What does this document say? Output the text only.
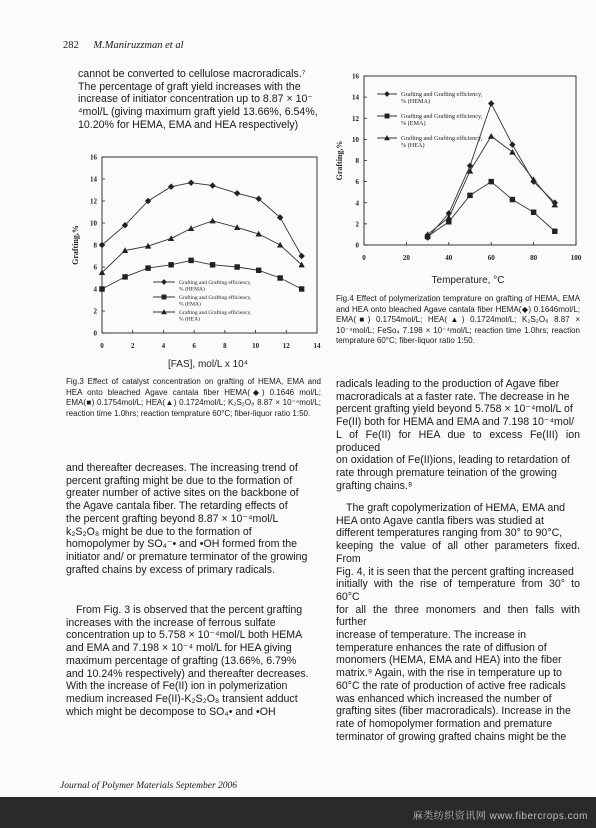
282 M.Maniruzzman et al

cannot be converted to cellulose macroradicals.⁷

The percentage of graft yield increases with the

increase of initiator concentration up to 8.87 × 10⁻

⁴mol/L (giving maximum graft yield 13.66%, 6.54%,

10.20% for HEMA, EMA and HEA respectively)

0
2
4
6
8
10
12
14
16
0	2	4	6	8	10	12	14
Grafting,%
[FAS], mol/L x 10⁴
Grafting and Grafting efficiency, % (HEMA)
Grafting and Grafting efficiency, % (EMA)
Grafting and Grafting efficiency, % (HEA)
Fig.3 Effect of catalyst concentration on grafting of HEMA, EMA and HEA onto bleached Agave cantala fiber HEMA(◆) 0.1646 mol/L; EMA(■) 0.1754mol/L; HEA(▲) 0.1724mol/L; K₂S₂O₈ 8.87 × 10⁻⁴mol/L; reaction time 1.0hrs; reaction temprature 60°C; fiber-liquor ratio 1:50.
0
2
4
6
8
10
12
14
16
0	20	40	60	80	100
Grafting,%
Temperature, °C
Grafting and Grafting efficiency, % (HEMA)
Grafting and Grafting efficiency, % (EMA)
Grafting and Grafting efficiency, % (HEA)
Fig.4 Effect of polymerization temprature on grafting of HEMA, EMA and HEA onto bleached Agave cantala fiber HEMA(◆) 0.1646mol/L; EMA(■) 0.1754mol/L; HEA(▲) 0.1724mol/L; K₂S₂O₈ 8.87 × 10⁻⁴mol/L; FeSo₄ 7.198 × 10⁻⁴mol/L; reaction time 1.0hrs; reaction temprature 60°C; fiber-liquor ratio 1:50.

radicals leading to the production of Agave fiber

macroradicals at a faster rate. The decrease in he

percent grafting yield beyond 5.758 × 10⁻⁴mol/L of

Fe(II) both for HEMA and EMA and 7.198 10⁻⁴mol/

L of Fe(II) for HEA due to excess Fe(III) ion produced

on oxidation of Fe(II)ions, leading to retardation of

rate through premature teination of the growing

grafting chains.⁸

The graft copolymerization of HEMA, EMA and

HEA onto Agave cantla fibers was studied at

different temperatures ranging from 30° to 90°C,

keeping the value of all other parameters fixed. From

Fig. 4, it is seen that the percent grafting increased

initially with the rise of temperature from 30° to 60°C

for all the three monomers and then falls with further

increase of temperature. The increase in

temperature enhances the rate of diffusion of

monomers (HEMA, EMA and HEA) into the fiber

matrix.⁹ Again, with the rise in temperature up to

60°C the rate of production of active free radicals

was enhanced which increased the number of

grafting sites (fiber macroradicals). Increase in the

rate of homopolymer formation and premature

terminator of growing grafted chains might be the

and thereafter decreases. The increasing trend of

percent grafting might be due to the formation of

greater number of active sites on the backbone of

the Agave cantala fiber. The retarding effects of

the percent grafting beyond 8.87 × 10⁻⁴mol/L

k₂S₂O₈ might be due to the formation of

homopolymer by SO₄⁻• and •OH formed from the

initiator and/ or premature terminator of the growing

grafted chains by excess of primary radicals.

From Fig. 3 is observed that the percent grafting

increases with the increase of ferrous sulfate

concentration up to 5.758 × 10⁻⁴mol/L both HEMA

and EMA and 7.198 × 10⁻⁴ mol/L for HEA giving

maximum percentage of grafting (13.66%, 6.79%

and 10.24% respectively) and thereafter decreases.

With the increase of Fe(II) ion in polymerization

medium increased Fe(II)-K₂S₂O₈ transient adduct

which might be decompose to SO₄• and •OH

Journal of Polymer Materials September 2006
麻类纺织资讯网 www.fibercrops.com
